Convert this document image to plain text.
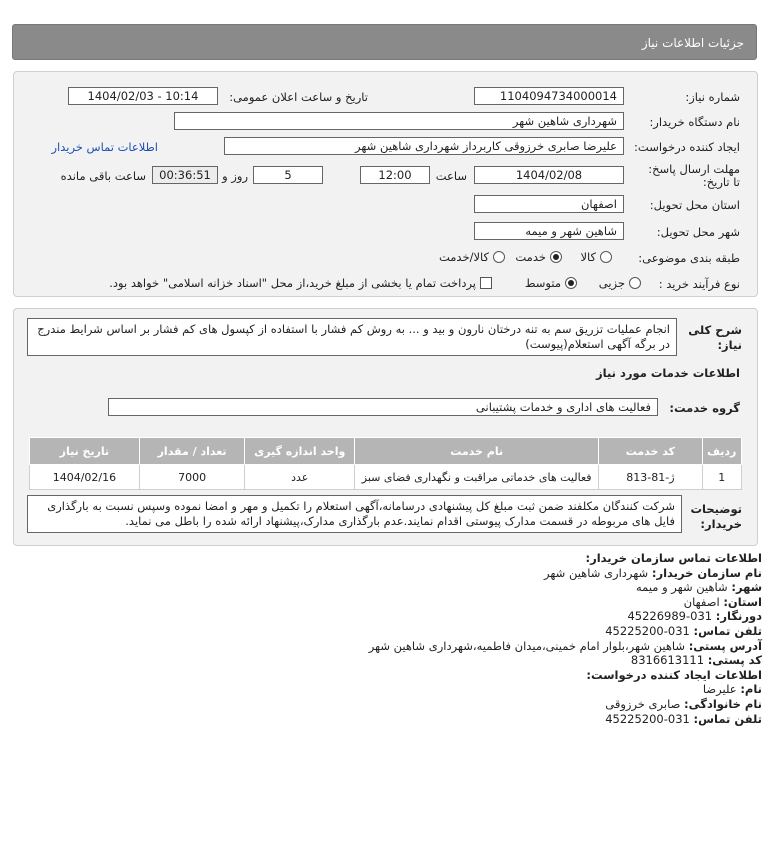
جزئیات اطلاعات نیاز
شماره نیاز:
1104094734000014
تاریخ و ساعت اعلان عمومی:
1404/02/03 - 10:14
نام دستگاه خریدار:
شهرداری شاهین شهر
ایجاد کننده درخواست:
علیرضا صابری خرزوقی کاربرداز شهرداری شاهین شهر
اطلاعات تماس خریدار
مهلت ارسال پاسخ: تا تاریخ:
1404/02/08
ساعت
12:00
5
روز و
00:36:51
ساعت باقی مانده
استان محل تحویل:
اصفهان
شهر محل تحویل:
شاهین شهر و میمه
طبقه بندی موضوعی:
کالا
خدمت
کالا/خدمت
نوع فرآیند خرید :
جزیی
متوسط
پرداخت تمام یا بخشی از مبلغ خرید،از محل "اسناد خزانه اسلامی" خواهد بود.
شرح کلی نیاز:
انجام عملیات تزریق سم به تنه درختان نارون و بید و ... به روش کم فشار با استفاده از کپسول های کم فشار بر اساس شرایط مندرج در برگه آگهی استعلام(پیوست)
اطلاعات خدمات مورد نیاز
گروه خدمت:
فعالیت های اداری و خدمات پشتیبانی
ردیف	کد خدمت	نام خدمت	واحد اندازه گیری	تعداد / مقدار	تاریخ نیاز
1	ژ-81-813	فعالیت های خدماتی مراقبت و نگهداری فضای سبز	عدد	7000	1404/02/16
توضیحات خریدار:
شرکت کنندگان مکلفند ضمن ثبت مبلغ کل پیشنهادی درسامانه،آگهی استعلام را تکمیل و مهر و امضا نموده وسپس نسبت به بارگذاری فایل های مربوطه در قسمت مدارک پیوستی اقدام نمایند.عدم بارگذاری مدارک،پیشنهاد ارائه شده را باطل می نماید.
اطلاعات تماس سازمان خریدار:
نام سازمان خریدار: شهرداری شاهین شهر
شهر: شاهین شهر و میمه
استان: اصفهان
دورنگار: 031-45226989
تلفن تماس: 031-45225200
آدرس پستی: شاهین شهر،بلوار امام خمینی،میدان فاطمیه،شهرداری شاهین شهر
کد پستی: 8316613111
اطلاعات ایجاد کننده درخواست:
نام: علیرضا
نام خانوادگی: صابری خرزوقی
تلفن تماس: 031-45225200
